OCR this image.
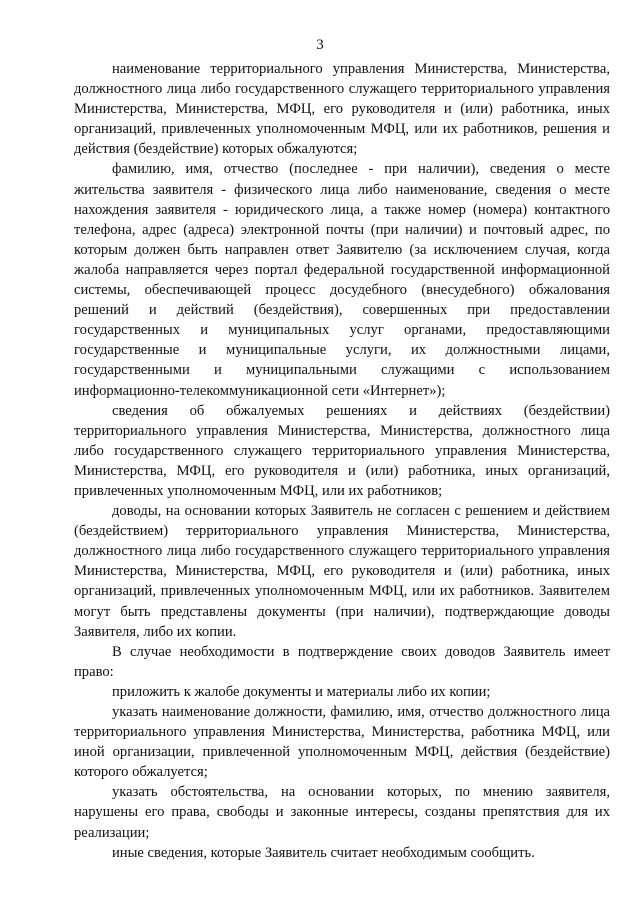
3

наименование территориального управления Министерства, Министерства, должностного лица либо государственного служащего территориального управления Министерства, Министерства, МФЦ, его руководителя и (или) работника, иных организаций, привлеченных уполномоченным МФЦ, или их работников, решения и действия (бездействие) которых обжалуются;

фамилию, имя, отчество (последнее - при наличии), сведения о месте жительства заявителя - физического лица либо наименование, сведения о месте нахождения заявителя - юридического лица, а также номер (номера) контактного телефона, адрес (адреса) электронной почты (при наличии) и почтовый адрес, по которым должен быть направлен ответ Заявителю (за исключением случая, когда жалоба направляется через портал федеральной государственной информационной системы, обеспечивающей процесс досудебного (внесудебного) обжалования решений и действий (бездействия), совершенных при предоставлении государственных и муниципальных услуг органами, предоставляющими государственные и муниципальные услуги, их должностными лицами, государственными и муниципальными служащими с использованием информационно-телекоммуникационной сети «Интернет»);

сведения об обжалуемых решениях и действиях (бездействии) территориального управления Министерства, Министерства, должностного лица либо государственного служащего территориального управления Министерства, Министерства, МФЦ, его руководителя и (или) работника, иных организаций, привлеченных уполномоченным МФЦ, или их работников;

доводы, на основании которых Заявитель не согласен с решением и действием (бездействием) территориального управления Министерства, Министерства, должностного лица либо государственного служащего территориального управления Министерства, Министерства, МФЦ, его руководителя и (или) работника, иных организаций, привлеченных уполномоченным МФЦ, или их работников. Заявителем могут быть представлены документы (при наличии), подтверждающие доводы Заявителя, либо их копии.

В случае необходимости в подтверждение своих доводов Заявитель имеет право:

приложить к жалобе документы и материалы либо их копии;

указать наименование должности, фамилию, имя, отчество должностного лица территориального управления Министерства, Министерства, работника МФЦ, или иной организации, привлеченной уполномоченным МФЦ, действия (бездействие) которого обжалуется;

указать обстоятельства, на основании которых, по мнению заявителя, нарушены его права, свободы и законные интересы, созданы препятствия для их реализации;

иные сведения, которые Заявитель считает необходимым сообщить.
